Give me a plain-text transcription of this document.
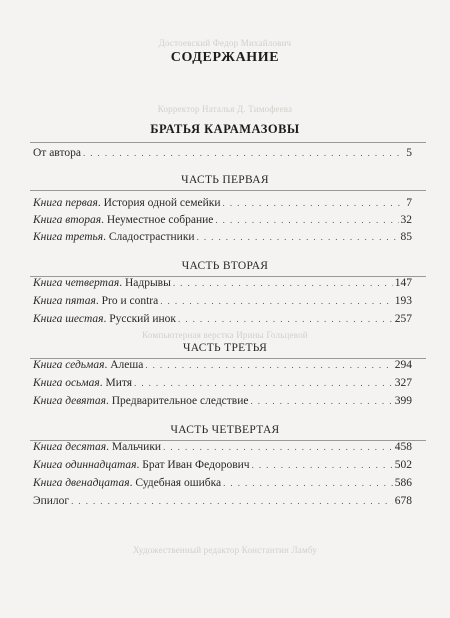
Достоевский Федор Михайлович
Корректор Наталья Д. Тимофеева
Компьютерная верстка Ирины Гольцевой
Художественный редактор Константин Ламбу
СОДЕРЖАНИЕ
БРАТЬЯ КАРАМАЗОВЫ
От автора . . .	5
ЧАСТЬ ПЕРВАЯ
Книга первая. История одной семейки . . .	7
Книга вторая. Неуместное собрание . . .	32
Книга третья. Сладострастники . . .	85
ЧАСТЬ ВТОРАЯ
Книга четвертая. Надрывы . . .	147
Книга пятая. Pro и contra . . .	193
Книга шестая. Русский инок . . .	257
ЧАСТЬ ТРЕТЬЯ
Книга седьмая. Алеша . . .	294
Книга осьмая. Митя . . .	327
Книга девятая. Предварительное следствие . . .	399
ЧАСТЬ ЧЕТВЕРТАЯ
Книга десятая. Мальчики . . .	458
Книга одиннадцатая. Брат Иван Федорович . . .	502
Книга двенадцатая. Судебная ошибка . . .	586
Эпилог . . .	678
